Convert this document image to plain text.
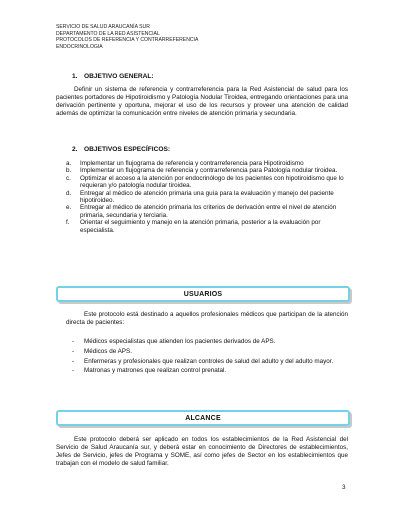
SERVICIO DE SALUD ARAUCANÍA SUR
DEPARTAMENTO DE LA RED ASISTENCIAL
PROTOCOLOS DE REFERENCIA Y CONTRARREFERENCIA
ENDOCRINOLOGIA
1. OBJETIVO GENERAL:
Definir un sistema de referencia y contrarreferencia para la Red Asistencial de salud para los pacientes portadores de Hipotiroidismo y Patología Nodular Tiroidea, entregando orientaciones para una derivación pertinente y oportuna, mejorar el uso de los recursos y proveer una atención de calidad además de optimizar la comunicación entre niveles de atención primaria y secundaria.
2. OBJETIVOS ESPECÍFICOS:
a. Implementar un flujograma de referencia y contrarreferencia para Hipotiroidismo
b. Implementar un flujograma de referencia y contrarreferencia para Patología nodular tiroidea.
c. Optimizar el acceso a la atención por endocrinólogo de los pacientes con hipotiroidismo que lo requieran y/o patología nodular tiroidea.
d. Entregar al médico de atención primaria una guía para la evaluación y manejo del paciente hipotiroideo.
e. Entregar al médico de atención primaria los criterios de derivación entre el nivel de atención primaria, secundaria y terciaria.
f. Orientar el seguimiento y manejo en la atención primaria, posterior a la evaluación por especialista.
USUARIOS
Este protocolo está destinado a aquellos profesionales médicos que participan de la atención directa de pacientes:
- Médicos especialistas que atienden los pacientes derivados de APS.
- Médicos de APS.
- Enfermeras y profesionales que realizan controles de salud del adulto y del adulto mayor.
- Matronas y matrones que realizan control prenatal.
ALCANCE
Este protocolo deberá ser aplicado en todos los establecimientos de la Red Asistencial del Servicio de Salud Araucanía sur, y deberá estar en conocimiento de Directores de establecimientos, Jefes de Servicio, jefes de Programa y SOME, así como jefes de Sector en los establecimientos que trabajan con el modelo de salud familiar.
3
